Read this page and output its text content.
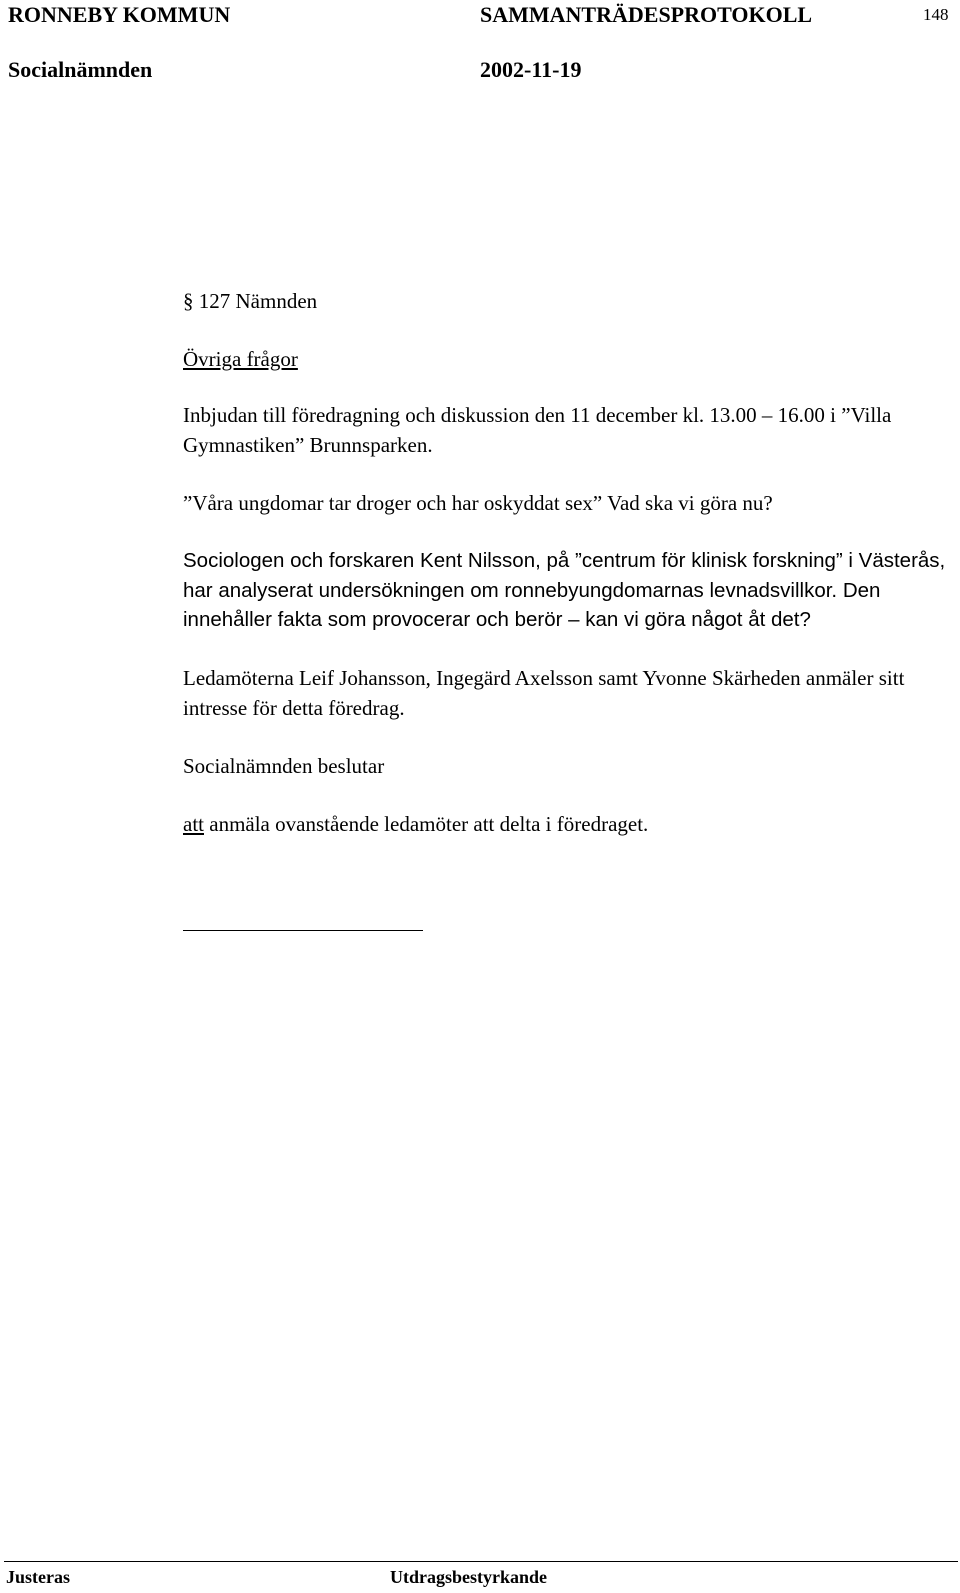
RONNEBY KOMMUN	SAMMANTRÄDESPROTOKOLL	148
Socialnämnden	2002-11-19

§ 127 Nämnden

Övriga frågor

Inbjudan till föredragning och diskussion den 11 december kl. 13.00 – 16.00 i ”Villa Gymnastiken” Brunnsparken.

”Våra ungdomar tar droger och har oskyddat sex” Vad ska vi göra nu?

Sociologen och forskaren Kent Nilsson, på ”centrum för klinisk forskning” i Västerås, har analyserat undersökningen om ronnebyungdomarnas levnadsvillkor. Den innehåller fakta som provocerar och berör – kan vi göra något åt det?

Ledamöterna Leif Johansson, Ingegärd Axelsson samt Yvonne Skärheden anmäler sitt intresse för detta föredrag.

Socialnämnden beslutar

att anmäla ovanstående ledamöter att delta i föredraget.

Justeras	Utdragsbestyrkande
